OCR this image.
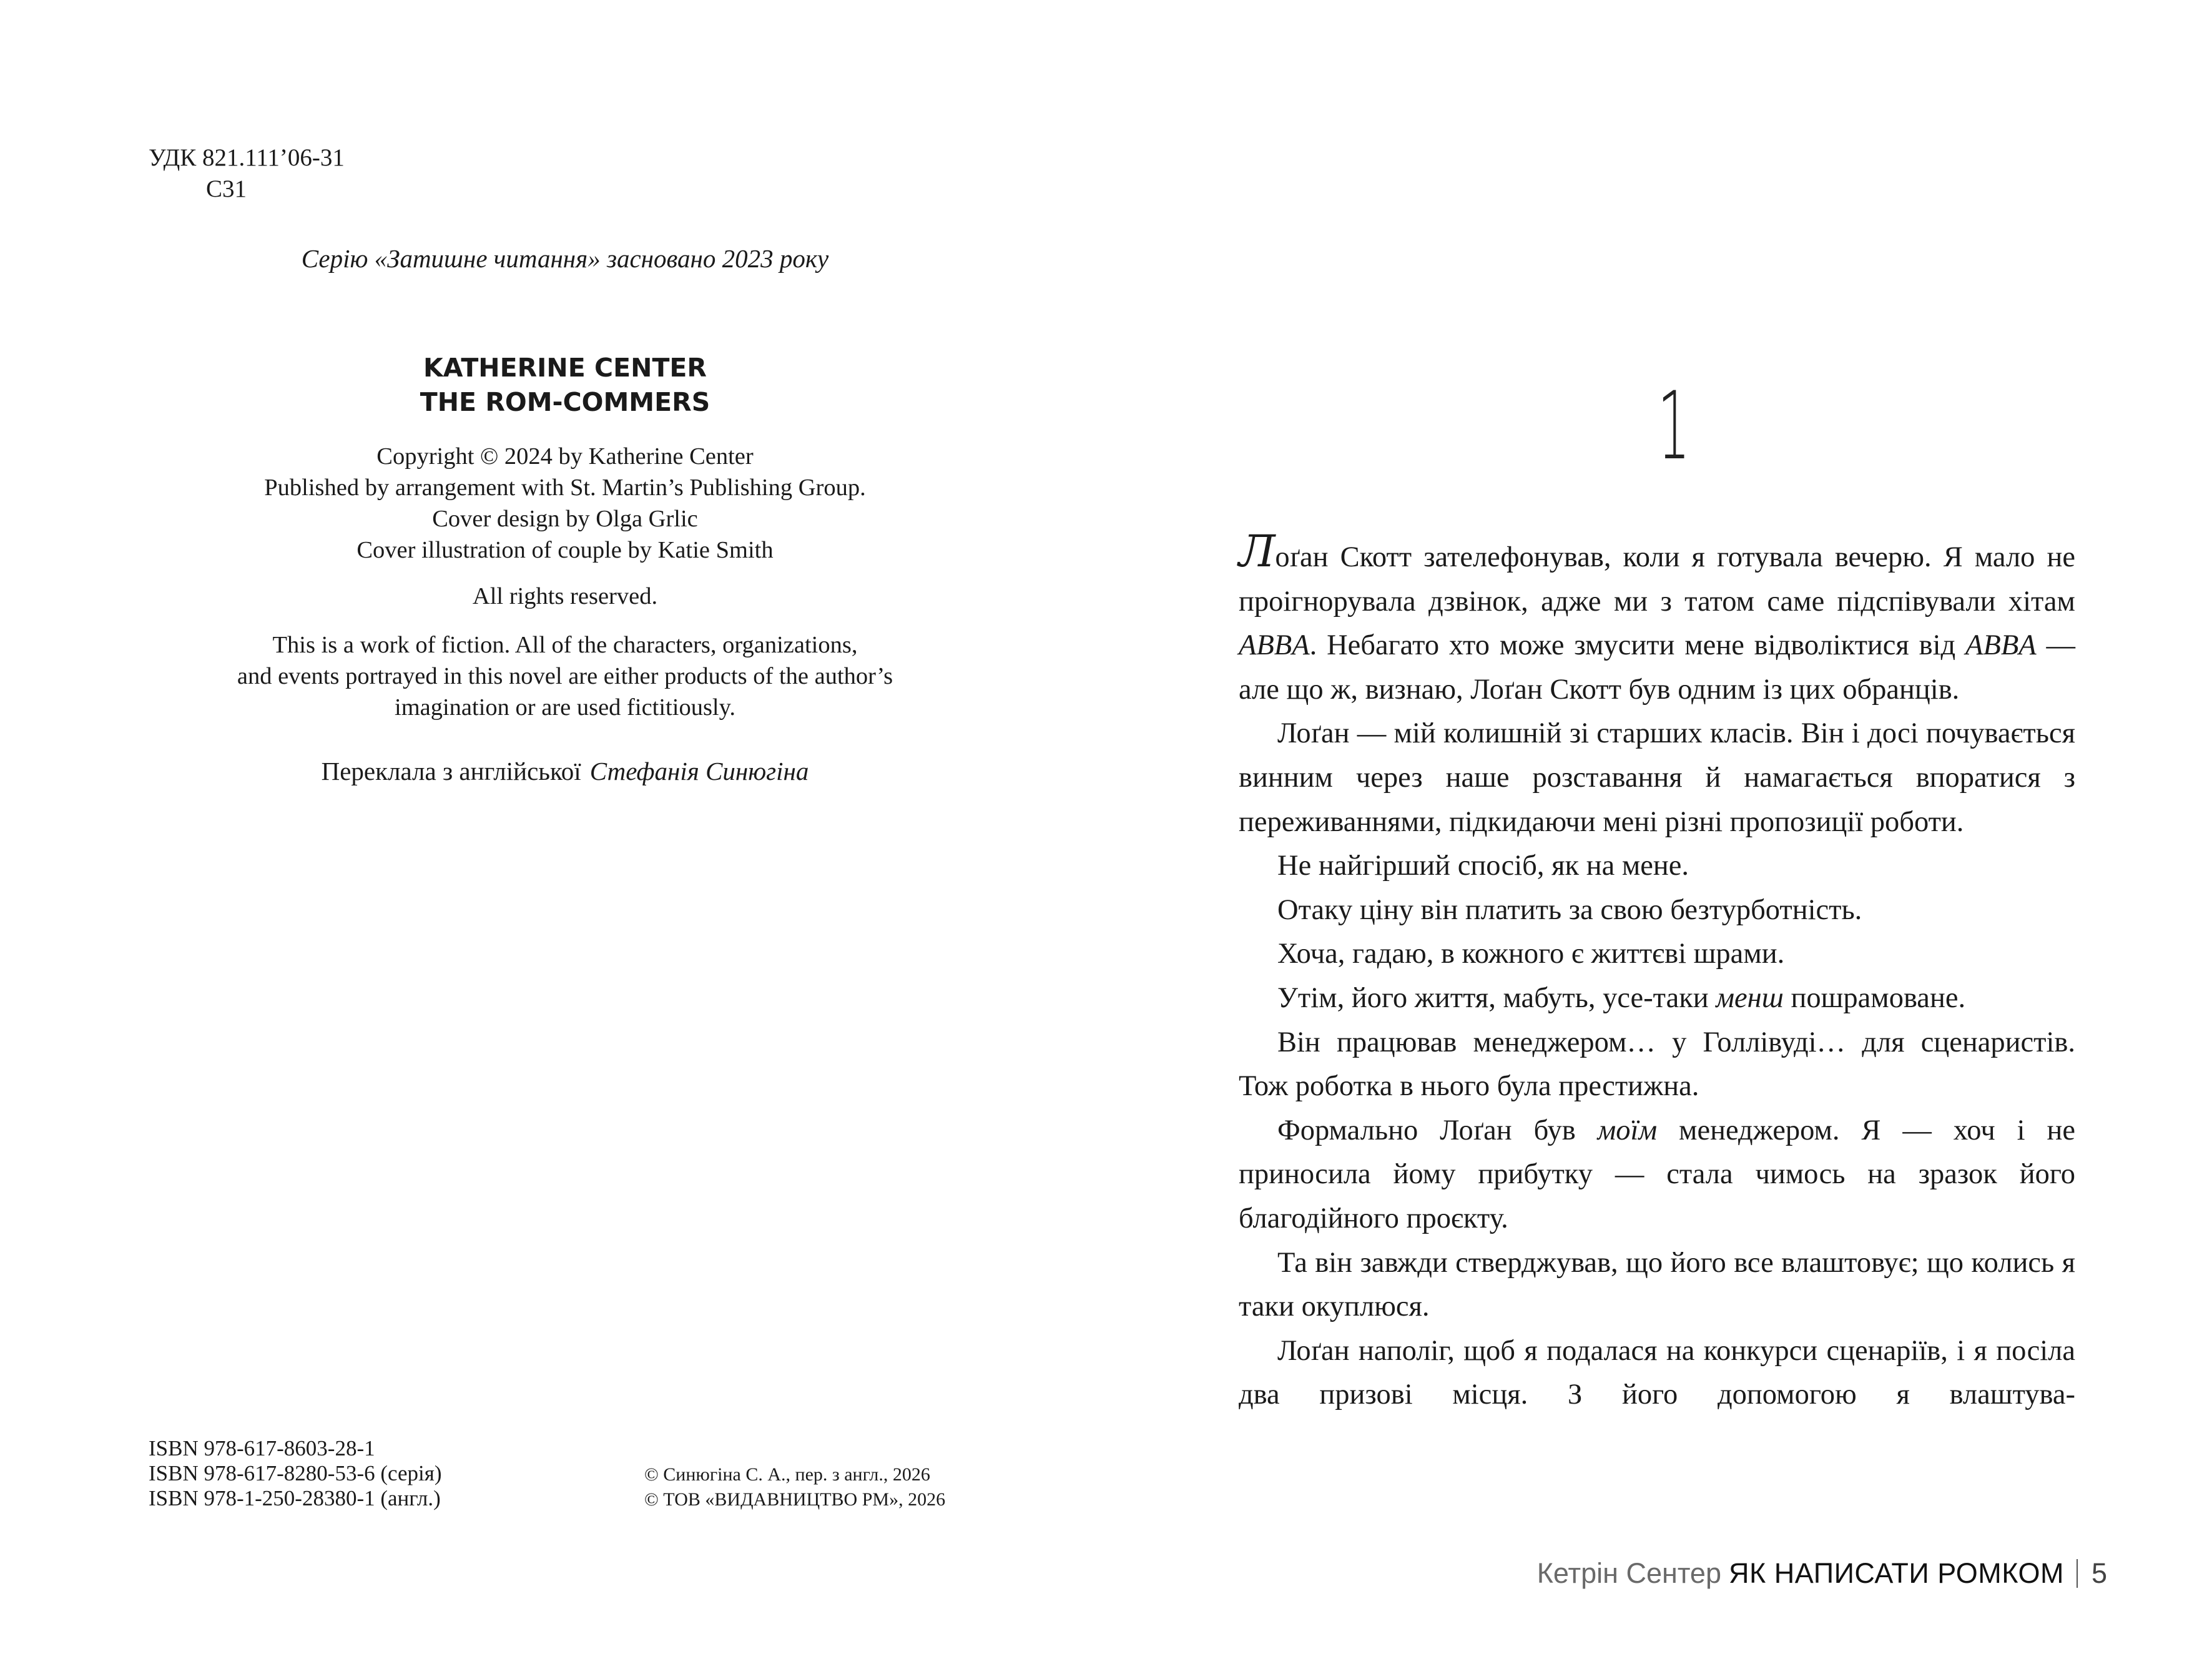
УДК 821.111’06-31
С31
Серію «Затишне читання» засновано 2023 року
KATHERINE CENTER
THE ROM-COMMERS
Copyright © 2024 by Katherine Center
Published by arrangement with St. Martin’s Publishing Group.
Cover design by Olga Grlic
Cover illustration of couple by Katie Smith
All rights reserved.
This is a work of fiction. All of the characters, organizations,
and events portrayed in this novel are either products of the author’s
imagination or are used fictitiously.
Переклала з англійської Стефанія Синюгіна
ISBN 978-617-8603-28-1
ISBN 978-617-8280-53-6 (серія)
ISBN 978-1-250-28380-1 (англ.)
© Синюгіна С. А., пер. з англ., 2026
© ТОВ «ВИДАВНИЦТВО РМ», 2026
1

Лоґан Скотт зателефонував, коли я готувала вечерю. Я мало не проігнорувала дзвінок, адже ми з татом саме підспівували хітам ABBA. Небагато хто може змусити мене відволіктися від ABBA — але що ж, визнаю, Лоґан Скотт був одним із цих обранців.

Лоґан — мій колишній зі старших класів. Він і досі почувається винним через наше розставання й намагається впоратися з переживаннями, підкидаючи мені різні пропозиції роботи.

Не найгірший спосіб, як на мене.

Отаку ціну він платить за свою безтурботність.

Хоча, гадаю, в кожного є життєві шрами.

Утім, його життя, мабуть, усе-таки менш пошрамоване.

Він працював менеджером… у Голлівуді… для сценаристів. Тож роботка в нього була престижна.

Формально Лоґан був моїм менеджером. Я — хоч і не приносила йому прибутку — стала чимось на зразок його благодійного проєкту.

Та він завжди стверджував, що його все влаштовує; що колись я таки окуплюся.

Лоґан наполіг, щоб я подалася на конкурси сценаріїв, і я посіла два призові місця. З його допомогою я влаштува-

Кетрін Сентер ЯК НАПИСАТИ РОМКОМ 5
